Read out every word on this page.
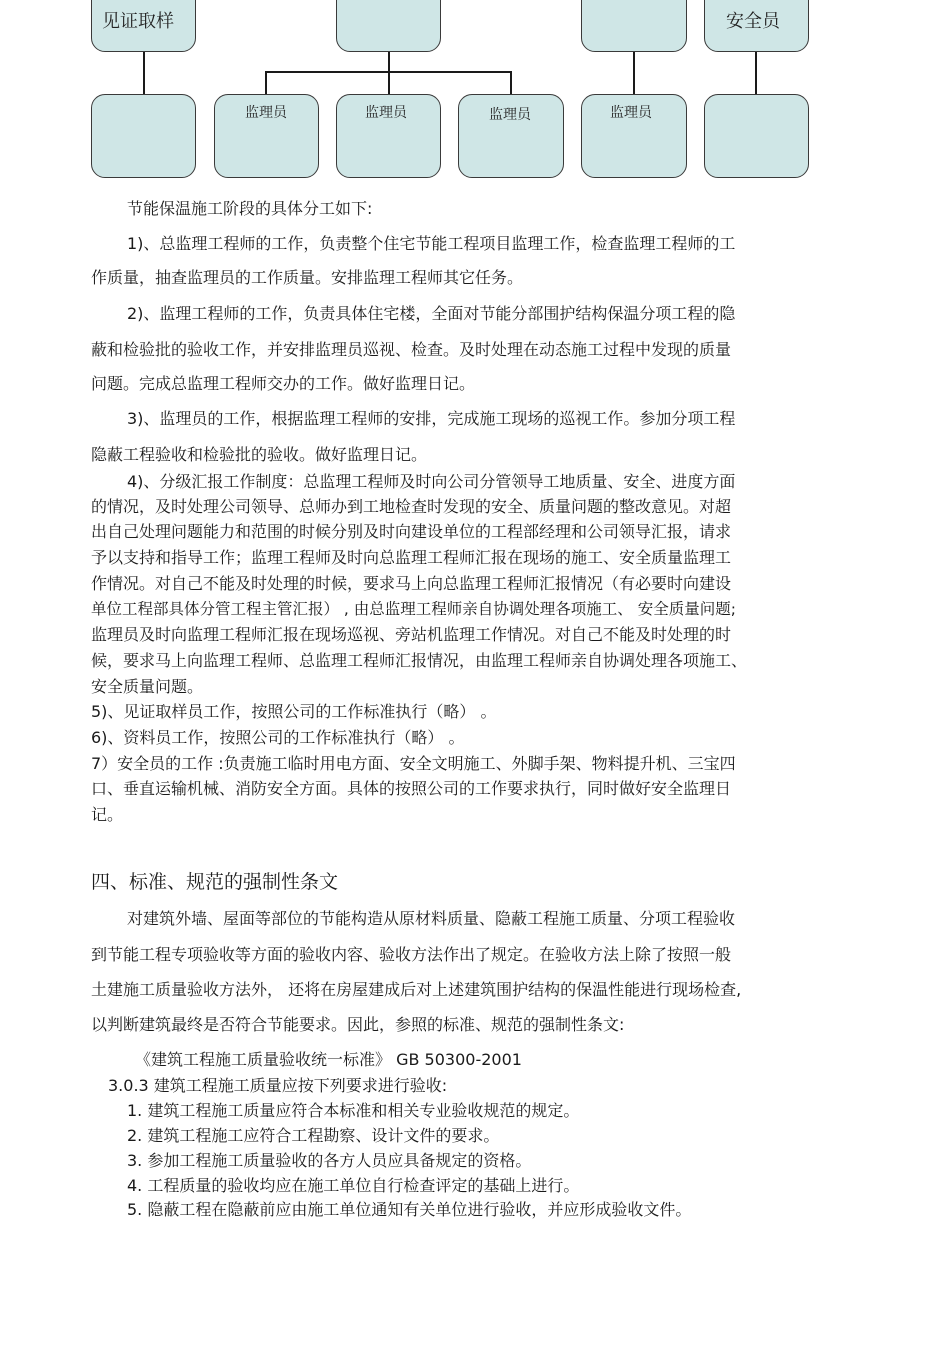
见证取样	安全员
监理员	监理员	监理员	监理员
节能保温施工阶段的具体分工如下:
1)、总监理工程师的工作，负责整个住宅节能工程项目监理工作，检查监理工程师的工
作质量，抽查监理员的工作质量。安排监理工程师其它任务。
2)、监理工程师的工作，负责具体住宅楼，全面对节能分部围护结构保温分项工程的隐
蔽和检验批的验收工作，并安排监理员巡视、检查。及时处理在动态施工过程中发现的质量
问题。完成总监理工程师交办的工作。做好监理日记。
3)、监理员的工作，根据监理工程师的安排，完成施工现场的巡视工作。参加分项工程
隐蔽工程验收和检验批的验收。做好监理日记。
4)、分级汇报工作制度：总监理工程师及时向公司分管领导工地质量、安全、进度方面
的情况，及时处理公司领导、总师办到工地检查时发现的安全、质量问题的整改意见。对超
出自己处理问题能力和范围的时候分别及时向建设单位的工程部经理和公司领导汇报，请求
予以支持和指导工作；监理工程师及时向总监理工程师汇报在现场的施工、安全质量监理工
作情况。对自己不能及时处理的时候，要求马上向总监理工程师汇报情况（有必要时向建设
单位工程部具体分管工程主管汇报） , 由总监理工程师亲自协调处理各项施工、 安全质量问题;
监理员及时向监理工程师汇报在现场巡视、旁站机监理工作情况。对自己不能及时处理的时
候，要求马上向监理工程师、总监理工程师汇报情况，由监理工程师亲自协调处理各项施工、
安全质量问题。
5)、见证取样员工作，按照公司的工作标准执行（略） 。
6)、资料员工作，按照公司的工作标准执行（略） 。
7）安全员的工作 :负责施工临时用电方面、安全文明施工、外脚手架、物料提升机、三宝四
口、垂直运输机械、消防安全方面。具体的按照公司的工作要求执行，同时做好安全监理日
记。
四、标准、规范的强制性条文
对建筑外墙、屋面等部位的节能构造从原材料质量、隐蔽工程施工质量、分项工程验收
到节能工程专项验收等方面的验收内容、验收方法作出了规定。在验收方法上除了按照一般
土建施工质量验收方法外， 还将在房屋建成后对上述建筑围护结构的保温性能进行现场检查,
以判断建筑最终是否符合节能要求。因此，参照的标准、规范的强制性条文:
《建筑工程施工质量验收统一标准》 GB 50300-2001
3.0.3 建筑工程施工质量应按下列要求进行验收:
1. 建筑工程施工质量应符合本标准和相关专业验收规范的规定。
2. 建筑工程施工应符合工程勘察、设计文件的要求。
3. 参加工程施工质量验收的各方人员应具备规定的资格。
4. 工程质量的验收均应在施工单位自行检查评定的基础上进行。
5. 隐蔽工程在隐蔽前应由施工单位通知有关单位进行验收，并应形成验收文件。
